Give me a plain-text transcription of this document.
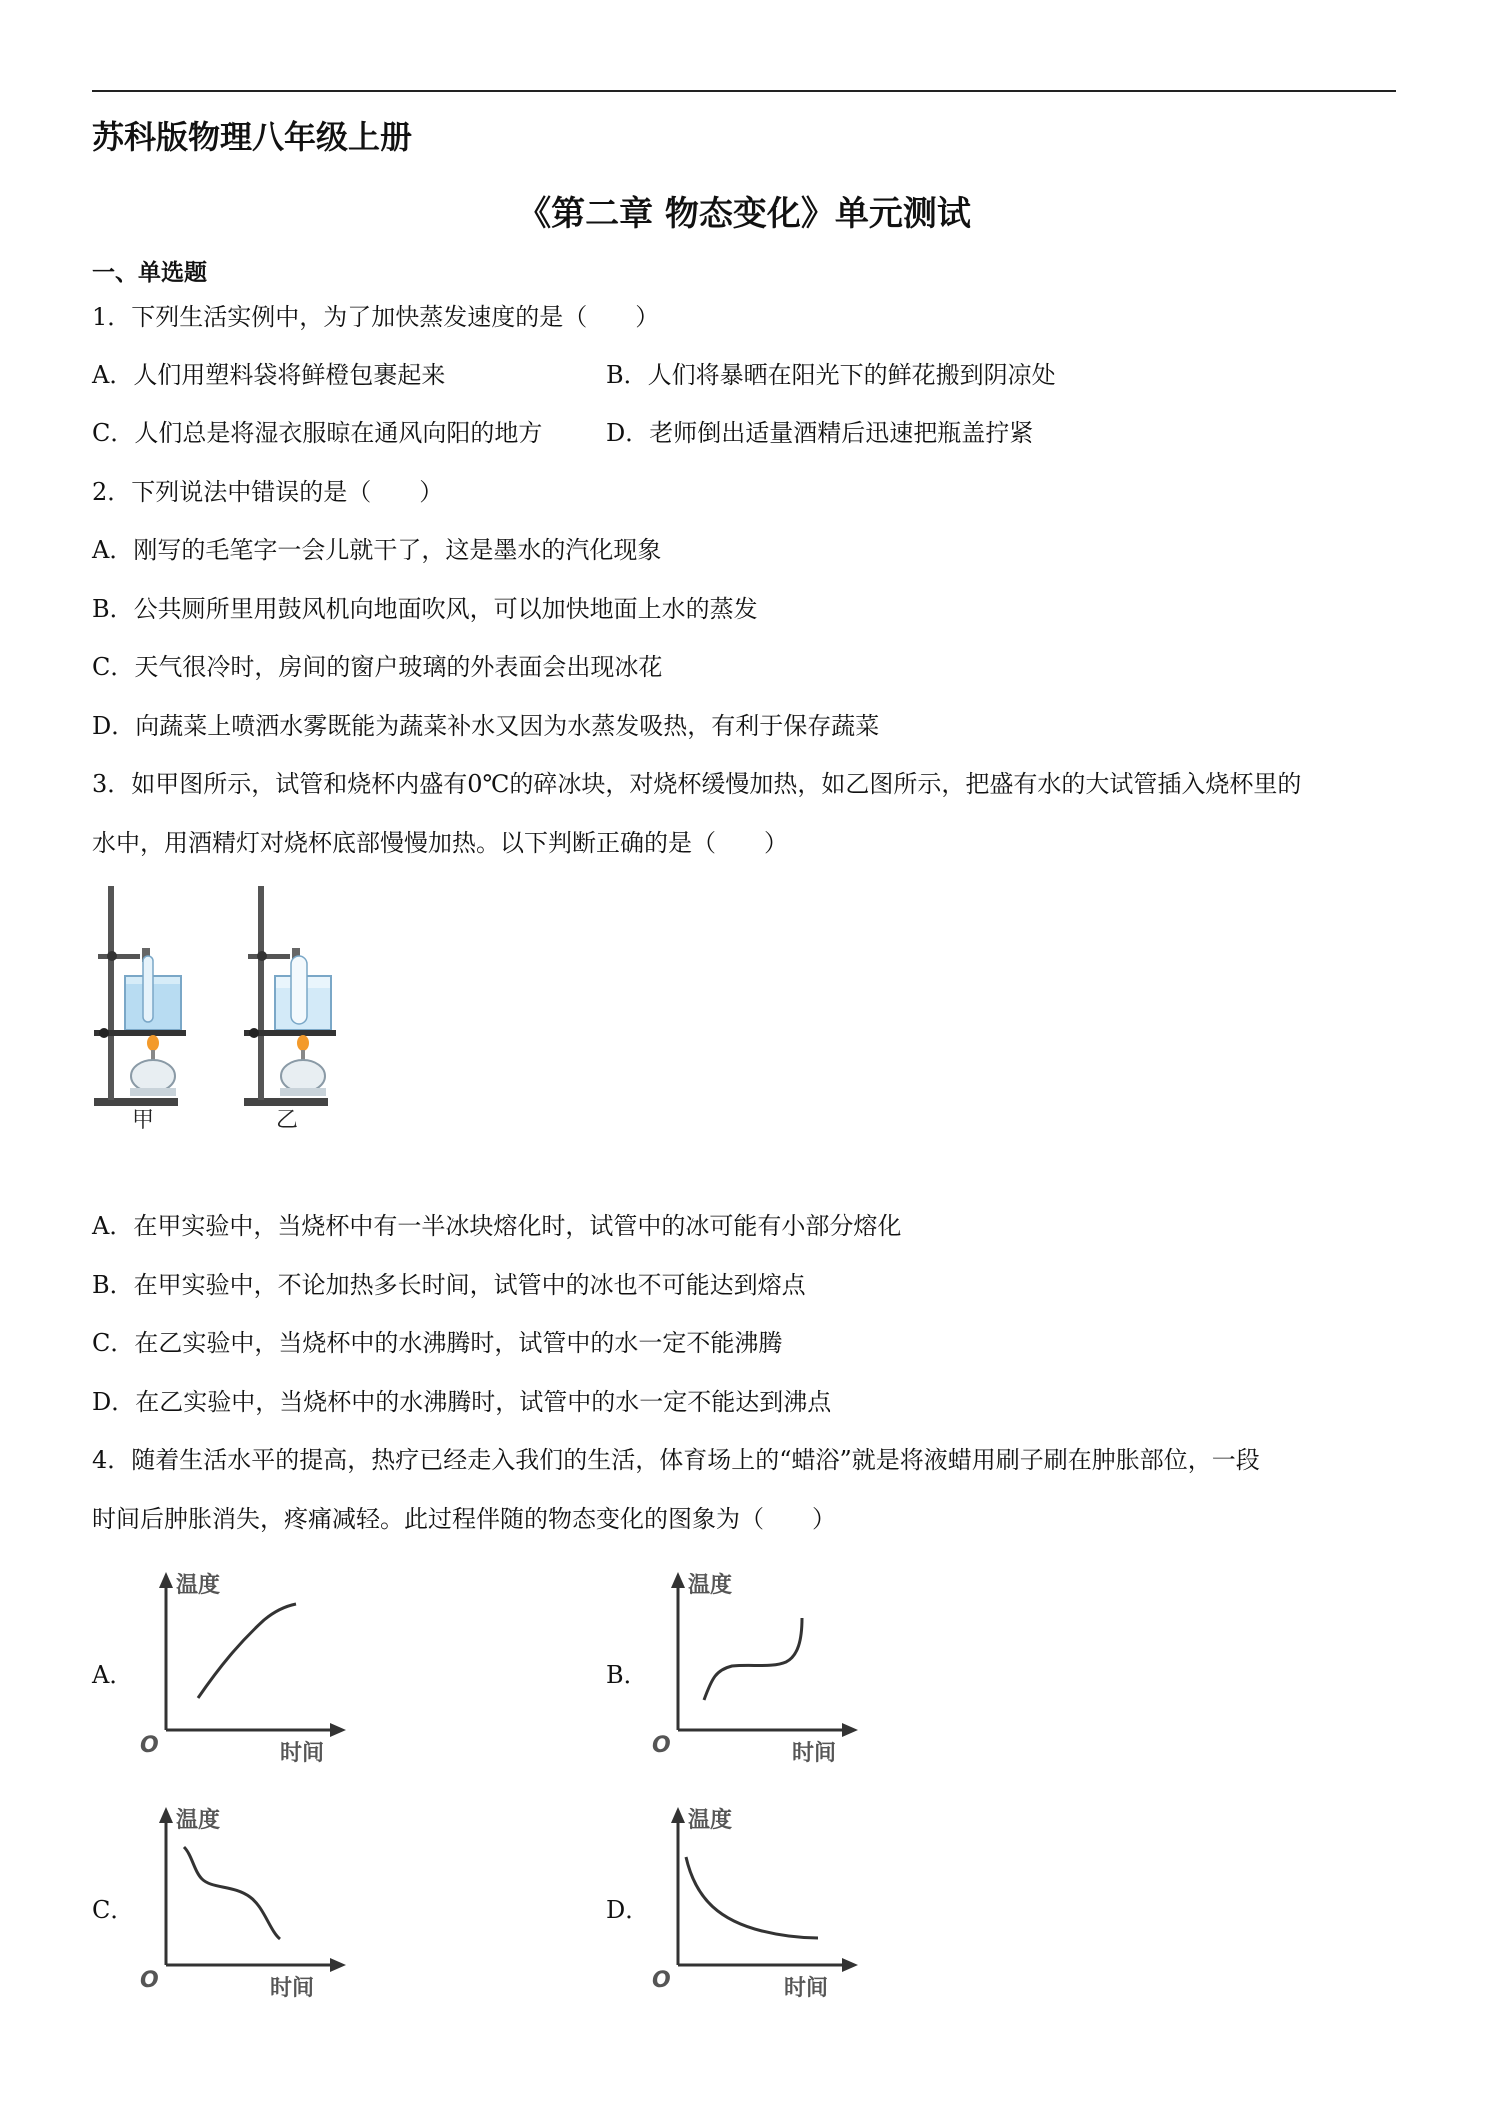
苏科版物理八年级上册
《第二章 物态变化》单元测试
一、单选题
1．下列生活实例中，为了加快蒸发速度的是（　　）
A．人们用塑料袋将鲜橙包裹起来	B．人们将暴晒在阳光下的鲜花搬到阴凉处
C．人们总是将湿衣服晾在通风向阳的地方	D．老师倒出适量酒精后迅速把瓶盖拧紧
2．下列说法中错误的是（　　）
A．刚写的毛笔字一会儿就干了，这是墨水的汽化现象
B．公共厕所里用鼓风机向地面吹风，可以加快地面上水的蒸发
C．天气很冷时，房间的窗户玻璃的外表面会出现冰花
D．向蔬菜上喷洒水雾既能为蔬菜补水又因为水蒸发吸热，有利于保存蔬菜
3．如甲图所示，试管和烧杯内盛有0℃的碎冰块，对烧杯缓慢加热，如乙图所示，把盛有水的大试管插入烧杯里的
水中，用酒精灯对烧杯底部慢慢加热。以下判断正确的是（　　）
甲	乙
A．在甲实验中，当烧杯中有一半冰块熔化时，试管中的冰可能有小部分熔化
B．在甲实验中，不论加热多长时间，试管中的冰也不可能达到熔点
C．在乙实验中，当烧杯中的水沸腾时，试管中的水一定不能沸腾
D．在乙实验中，当烧杯中的水沸腾时，试管中的水一定不能达到沸点
4．随着生活水平的提高，热疗已经走入我们的生活，体育场上的“蜡浴”就是将液蜡用刷子刷在肿胀部位，一段
时间后肿胀消失，疼痛减轻。此过程伴随的物态变化的图象为（　　）
A．
温度
O	时间
B．
温度
O	时间
C．
温度
O	时间
D．
温度
O	时间
